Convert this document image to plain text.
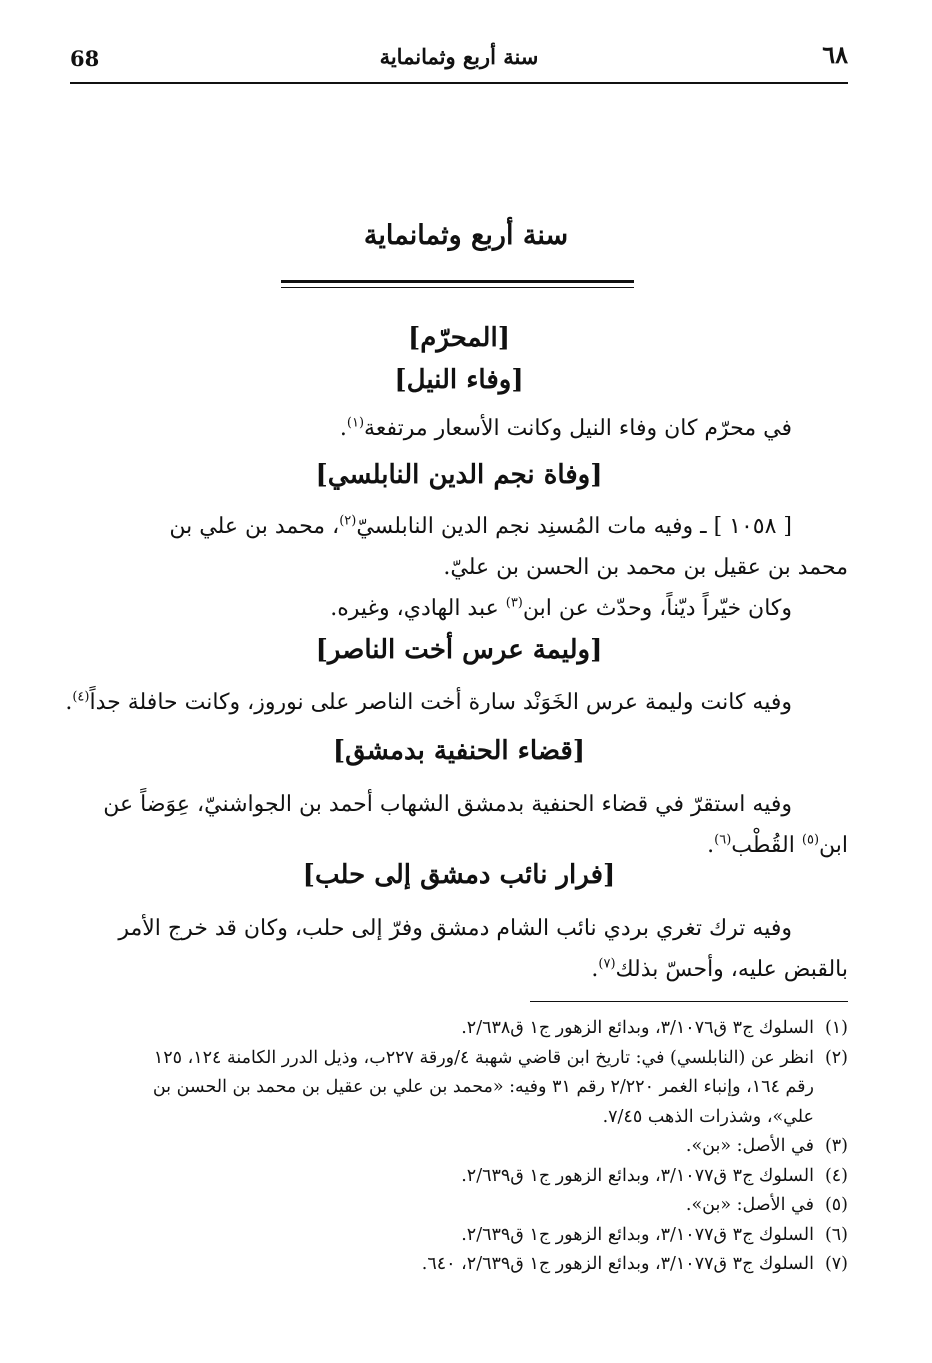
68	سنة أربع وثمانماية	٦٨
سنة أربع وثمانماية
[المحرّم]
[وفاء النيل]
في محرّم كان وفاء النيل وكانت الأسعار مرتفعة$^{(١)}$.
[وفاة نجم الدين النابلسي]
[ ١٠٥٨ ] ـ وفيه مات المُسنِد نجم الدين النابلسيّ$^{(٢)}$، محمد بن علي بن
محمد بن عقيل بن محمد بن الحسن بن عليّ.
وكان خيّراً ديّناً، وحدّث عن ابن$^{(٣)}$ عبد الهادي، وغيره.
[وليمة عرس أخت الناصر]
وفيه كانت وليمة عرس الخَوَنْد سارة أخت الناصر على نوروز، وكانت حافلة جداً$^{(٤)}$.
[قضاء الحنفية بدمشق]
وفيه استقرّ في قضاء الحنفية بدمشق الشهاب أحمد بن الجواشنيّ، عِوَضاً عن
ابن$^{(٥)}$ القُطْب$^{(٦)}$.
[فرار نائب دمشق إلى حلب]
وفيه ترك تغري بردي نائب الشام دمشق وفرّ إلى حلب، وكان قد خرج الأمر
بالقبض عليه، وأحسّ بذلك$^{(٧)}$.
(١)السلوك ج٣ ق٣/١٠٧٦، وبدائع الزهور ج١ ق٢/٦٣٨.
(٢)انظر عن (النابلسي) في: تاريخ ابن قاضي شهبة ٤/ورقة ٢٢٧ب، وذيل الدرر الكامنة ١٢٤، ١٢٥
رقم ١٦٤، وإنباء الغمر ٢/٢٢٠ رقم ٣١ وفيه: «محمد بن علي بن عقيل بن محمد بن الحسن بن
علي»، وشذرات الذهب ٧/٤٥.
(٣)في الأصل: «بن».
(٤)السلوك ج٣ ق٣/١٠٧٧، وبدائع الزهور ج١ ق٢/٦٣٩.
(٥)في الأصل: «بن».
(٦)السلوك ج٣ ق٣/١٠٧٧، وبدائع الزهور ج١ ق٢/٦٣٩.
(٧)السلوك ج٣ ق٣/١٠٧٧، وبدائع الزهور ج١ ق٢/٦٣٩، ٦٤٠.
